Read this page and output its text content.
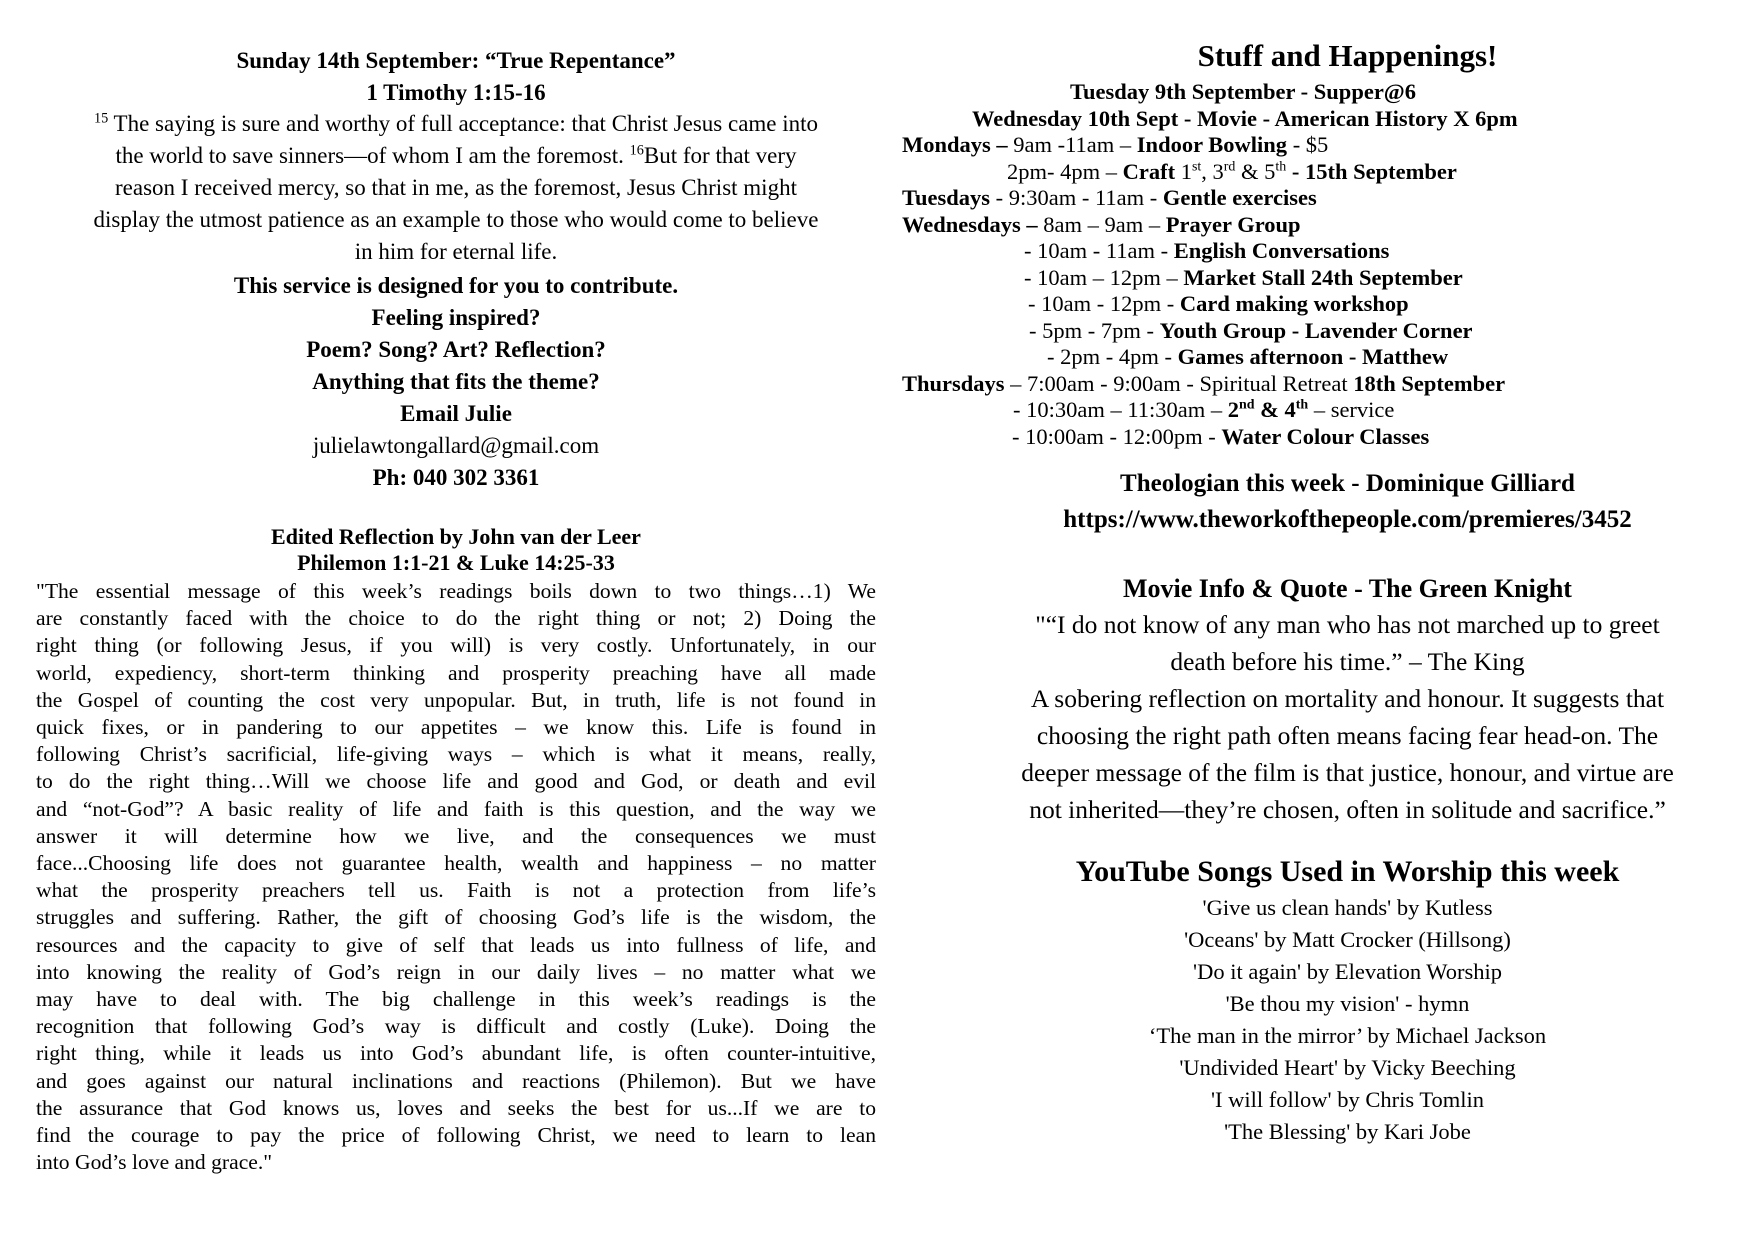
Sunday 14th September: “True Repentance”
1 Timothy 1:15-16
$^{15}$ The saying is sure and worthy of full acceptance: that Christ Jesus came into
the world to save sinners—of whom I am the foremost. $^{16}$But for that very
reason I received mercy, so that in me, as the foremost, Jesus Christ might
display the utmost patience as an example to those who would come to believe
in him for eternal life.
This service is designed for you to contribute.
Feeling inspired?
Poem? Song? Art? Reflection?
Anything that fits the theme?
Email Julie
julielawtongallard@gmail.com
Ph: 040 302 3361
Edited Reflection by John van der Leer
Philemon 1:1-21 & Luke 14:25-33
"The essential message of this week’s readings boils down to two things…1) We
are constantly faced with the choice to do the right thing or not; 2) Doing the
right thing (or following Jesus, if you will) is very costly. Unfortunately, in our
world, expediency, short-term thinking and prosperity preaching have all made
the Gospel of counting the cost very unpopular. But, in truth, life is not found in
quick fixes, or in pandering to our appetites – we know this. Life is found in
following Christ’s sacrificial, life-giving ways – which is what it means, really,
to do the right thing…Will we choose life and good and God, or death and evil
and “not-God”? A basic reality of life and faith is this question, and the way we
answer it will determine how we live, and the consequences we must
face...Choosing life does not guarantee health, wealth and happiness – no matter
what the prosperity preachers tell us. Faith is not a protection from life’s
struggles and suffering. Rather, the gift of choosing God’s life is the wisdom, the
resources and the capacity to give of self that leads us into fullness of life, and
into knowing the reality of God’s reign in our daily lives – no matter what we
may have to deal with. The big challenge in this week’s readings is the
recognition that following God’s way is difficult and costly (Luke). Doing the
right thing, while it leads us into God’s abundant life, is often counter-intuitive,
and goes against our natural inclinations and reactions (Philemon). But we have
the assurance that God knows us, loves and seeks the best for us...If we are to
find the courage to pay the price of following Christ, we need to learn to lean
into God’s love and grace."
Stuff and Happenings!
Tuesday 9th September - Supper@6
Wednesday 10th Sept - Movie - American History X 6pm
Mondays – 9am -11am – Indoor Bowling - $5
2pm- 4pm – Craft 1st, 3rd & 5th - 15th September
Tuesdays - 9:30am - 11am - Gentle exercises
Wednesdays – 8am – 9am – Prayer Group
- 10am - 11am - English Conversations
- 10am – 12pm – Market Stall 24th September
- 10am - 12pm - Card making workshop
- 5pm - 7pm - Youth Group - Lavender Corner
- 2pm - 4pm - Games afternoon - Matthew
Thursdays – 7:00am - 9:00am - Spiritual Retreat 18th September
- 10:30am – 11:30am – 2nd & 4th – service
- 10:00am - 12:00pm - Water Colour Classes
Theologian this week - Dominique Gilliard
https://www.theworkofthepeople.com/premieres/3452
Movie Info & Quote - The Green Knight
"“I do not know of any man who has not marched up to greet
death before his time.” – The King
A sobering reflection on mortality and honour. It suggests that
choosing the right path often means facing fear head-on. The
deeper message of the film is that justice, honour, and virtue are
not inherited—they’re chosen, often in solitude and sacrifice.”
YouTube Songs Used in Worship this week
'Give us clean hands' by Kutless
'Oceans' by Matt Crocker (Hillsong)
'Do it again' by Elevation Worship
'Be thou my vision' - hymn
‘The man in the mirror’ by Michael Jackson
'Undivided Heart' by Vicky Beeching
'I will follow' by Chris Tomlin
'The Blessing' by Kari Jobe
